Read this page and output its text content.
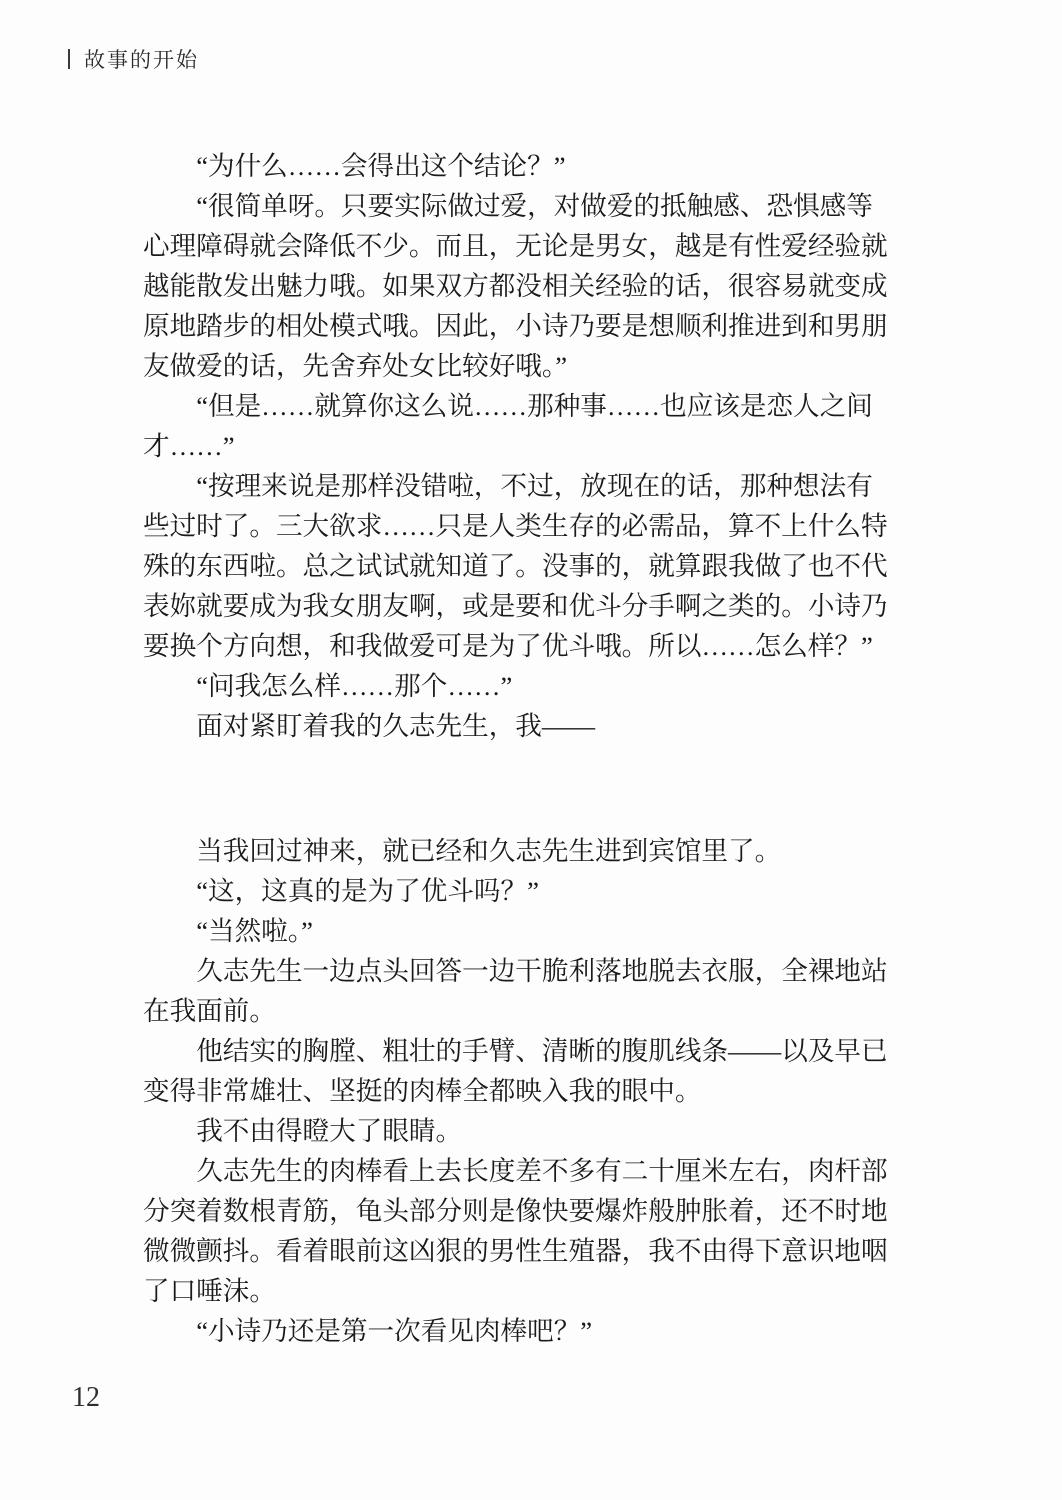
故事的开始
“为什么……会得出这个结论？”
“很简单呀。只要实际做过爱，对做爱的抵触感、恐惧感等
心理障碍就会降低不少。而且，无论是男女，越是有性爱经验就
越能散发出魅力哦。如果双方都没相关经验的话，很容易就变成
原地踏步的相处模式哦。因此，小诗乃要是想顺利推进到和男朋
友做爱的话，先舍弃处女比较好哦。”
“但是……就算你这么说……那种事……也应该是恋人之间
才……”
“按理来说是那样没错啦，不过，放现在的话，那种想法有
些过时了。三大欲求……只是人类生存的必需品，算不上什么特
殊的东西啦。总之试试就知道了。没事的，就算跟我做了也不代
表妳就要成为我女朋友啊，或是要和优斗分手啊之类的。小诗乃
要换个方向想，和我做爱可是为了优斗哦。所以……怎么样？”
“问我怎么样……那个……”
面对紧盯着我的久志先生，我——
当我回过神来，就已经和久志先生进到宾馆里了。
“这，这真的是为了优斗吗？”
“当然啦。”
久志先生一边点头回答一边干脆利落地脱去衣服，全裸地站
在我面前。
他结实的胸膛、粗壮的手臂、清晰的腹肌线条——以及早已
变得非常雄壮、坚挺的肉棒全都映入我的眼中。
我不由得瞪大了眼睛。
久志先生的肉棒看上去长度差不多有二十厘米左右，肉杆部
分突着数根青筋，龟头部分则是像快要爆炸般肿胀着，还不时地
微微颤抖。看着眼前这凶狠的男性生殖器，我不由得下意识地咽
了口唾沫。
“小诗乃还是第一次看见肉棒吧？”
12
